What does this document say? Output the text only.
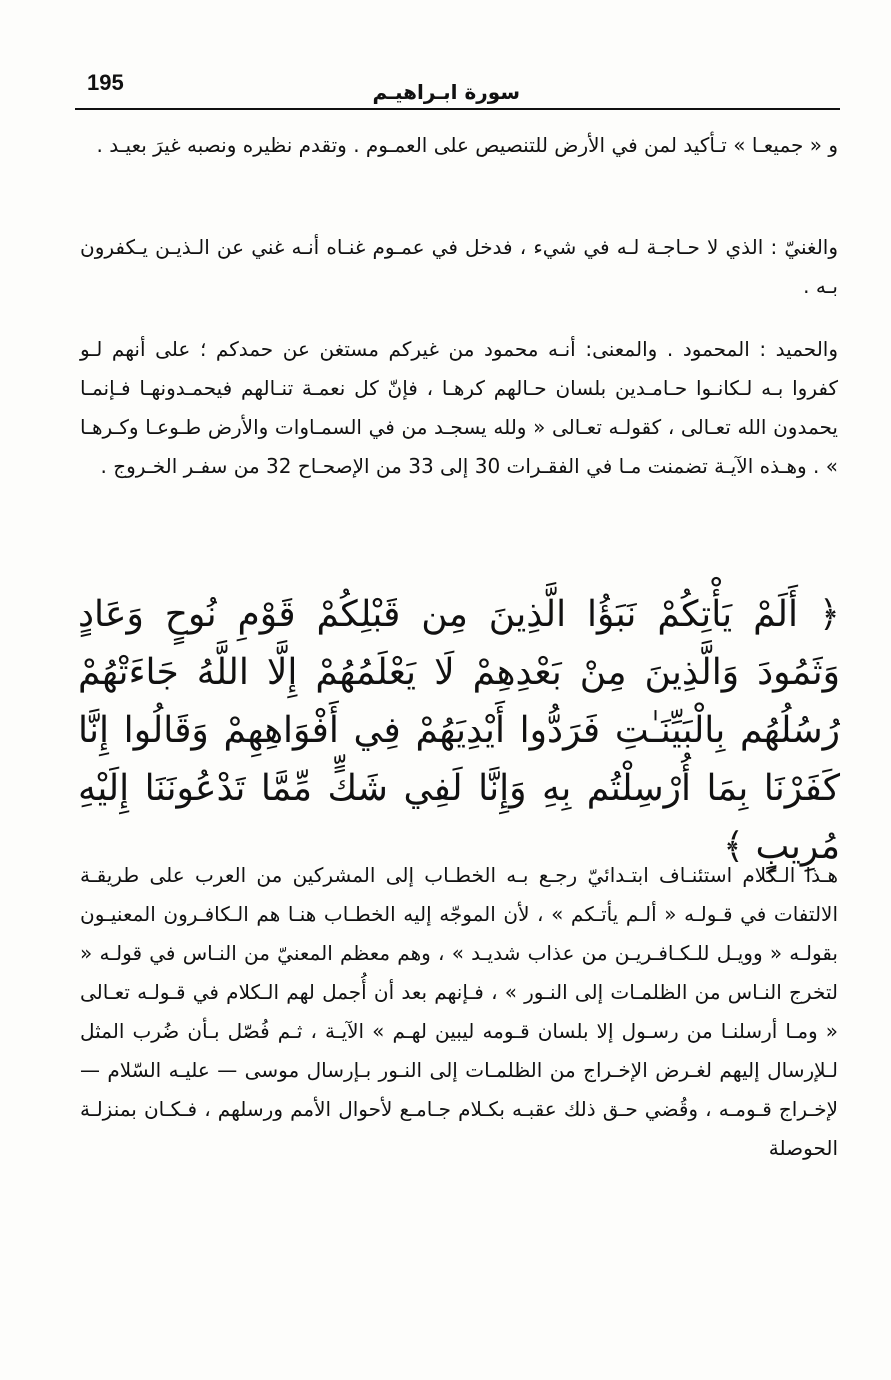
195	سورة ابـراهيـم

و « جميعـا » تـأكيد لمن في الأرض للتنصيص على العمـوم . وتقدم نظيره ونصبه غيرَ بعيـد .

والغنيّ : الذي لا حـاجـة لـه في شيء ، فدخل في عمـوم غنـاه أنـه غني عن الـذيـن يـكفرون بـه .

والحميد : المحمود . والمعنى: أنـه محمود من غيركم مستغن عن حمدكم ؛ على أنهم لـو كفروا بـه لـكانـوا حـامـدين بلسان حـالهم كرهـا ، فإنّ كل نعمـة تنـالهم فيحمـدونهـا فـإنمـا يحمدون الله تعـالى ، كقولـه تعـالى « ولله يسجـد من في السمـاوات والأرض طـوعـا وكـرهـا » . وهـذه الآيـة تضمنت مـا في الفقـرات 30 إلى 33 من الإصحـاح 32 من سفـر الخـروج .

﴿ أَلَمْ يَأْتِكُمْ نَبَؤُا الَّذِينَ مِن قَبْلِكُمْ قَوْمِ نُوحٍ وَعَادٍ وَثَمُودَ وَالَّذِينَ مِنْ بَعْدِهِمْ لَا يَعْلَمُهُمْ إِلَّا اللَّهُ جَاءَتْهُمْ رُسُلُهُم بِالْبَيِّنَـٰتِ فَرَدُّوا أَيْدِيَهُمْ فِي أَفْوَاهِهِمْ وَقَالُوا إِنَّا كَفَرْنَا بِمَا أُرْسِلْتُم بِهِ وَإِنَّا لَفِي شَكٍّ مِّمَّا تَدْعُونَنَا إِلَيْهِ مُرِيبٍ ﴾

هـذا الـكلام استئنـاف ابتـدائيّ رجـع بـه الخطـاب إلى المشركين من العرب على طريقـة الالتفات في قـولـه « ألـم يأتـكم » ، لأن الموجّه إليه الخطـاب هنـا هم الـكافـرون المعنيـون بقولـه « وويـل للـكـافـريـن من عذاب شديـد » ، وهم معظم المعنيّ من النـاس في قولـه « لتخرج النـاس من الظلمـات إلى النـور » ، فـإنهم بعد أن أُجمل لهم الـكلام في قـولـه تعـالى « ومـا أرسلنـا من رسـول إلا بلسان قـومه ليبين لهـم » الآيـة ، ثـم فُصّل بـأن ضُرب المثل لـلإرسال إليهم لغـرض الإخـراج من الظلمـات إلى النـور بـإرسال موسى — عليـه السّلام — لإخـراج قـومـه ، وقُضي حـق ذلك عقبـه بكـلام جـامـع لأحوال الأمم ورسلهم ، فـكـان بمنزلـة الحوصلة
